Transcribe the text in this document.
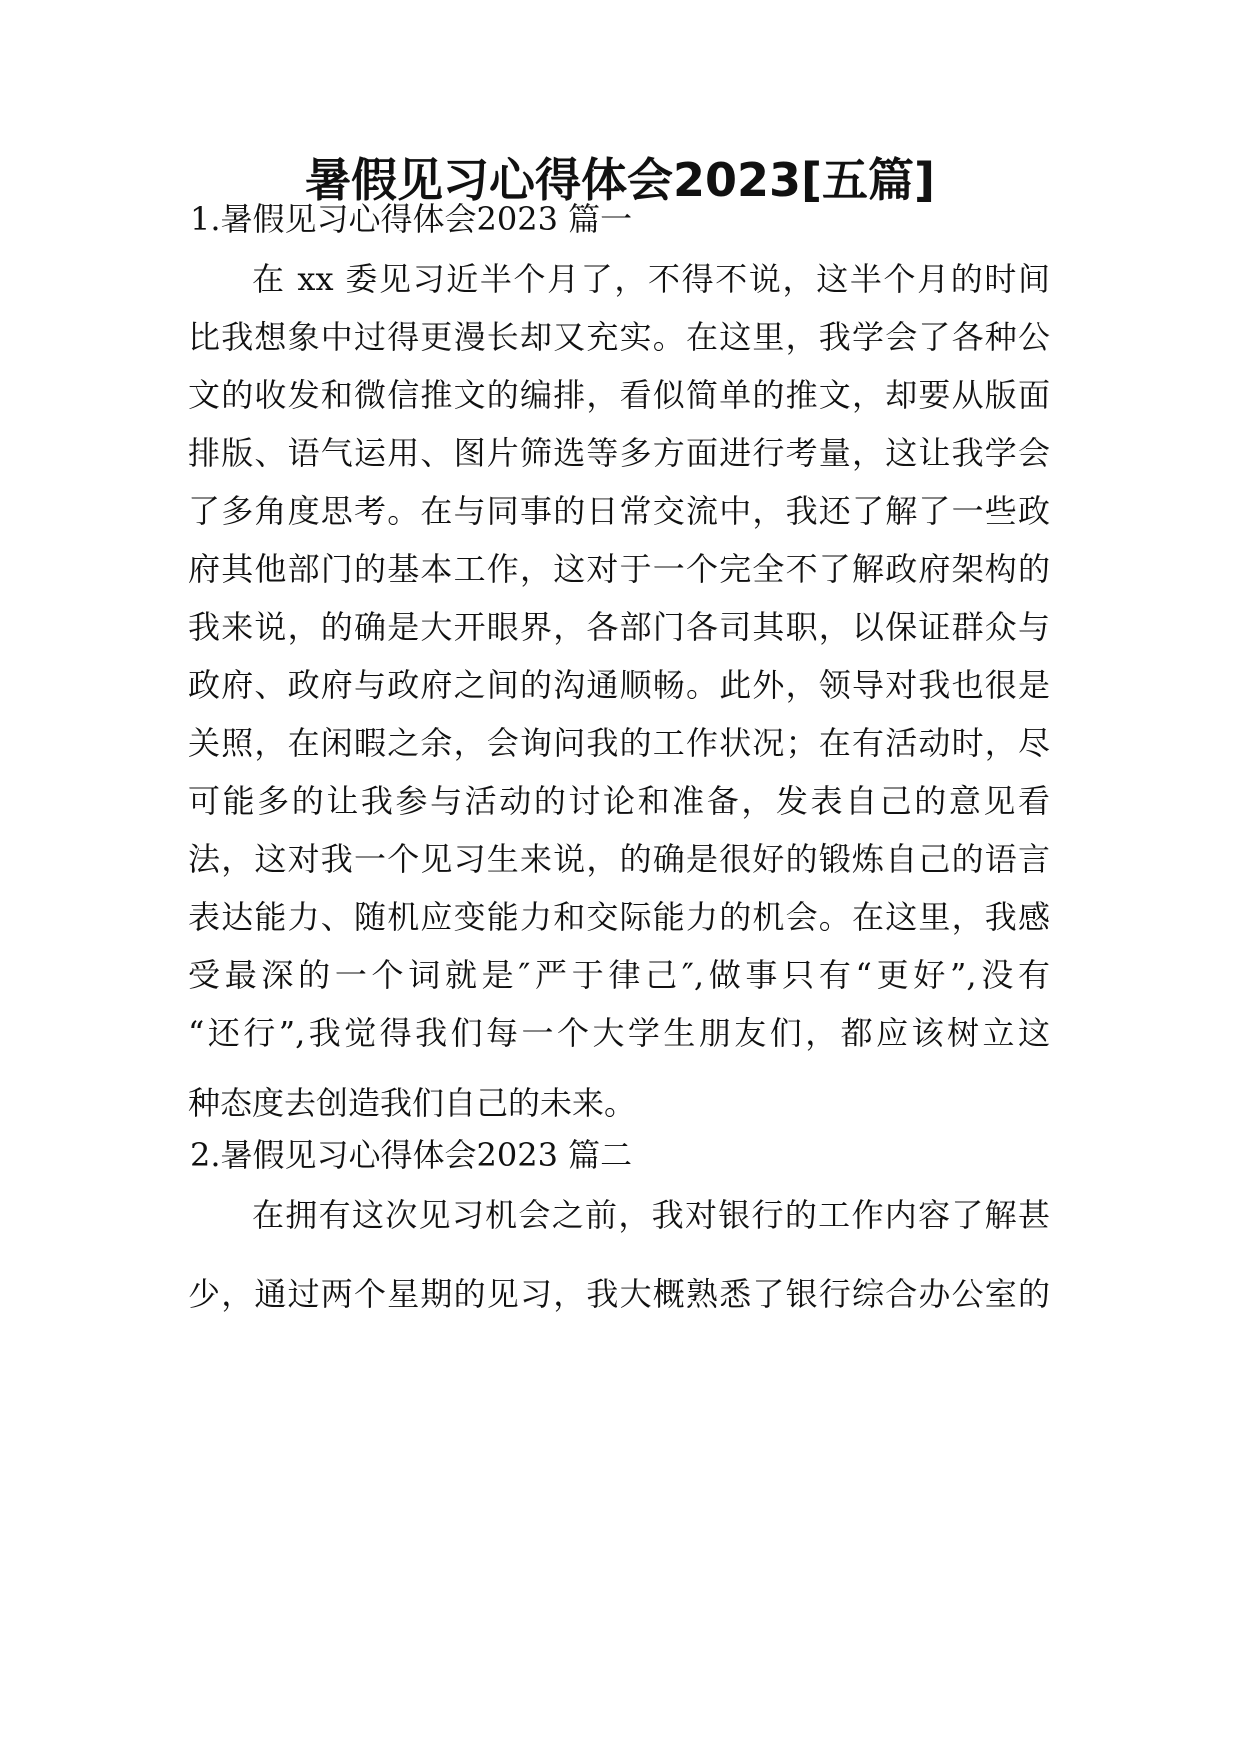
暑假见习心得体会2023[五篇]
1.暑假见习心得体会2023 篇一
在 xx 委见习近半个月了，不得不说，这半个月的时间
比我想象中过得更漫长却又充实。在这里，我学会了各种公
文的收发和微信推文的编排，看似简单的推文，却要从版面
排版、语气运用、图片筛选等多方面进行考量，这让我学会
了多角度思考。在与同事的日常交流中，我还了解了一些政
府其他部门的基本工作，这对于一个完全不了解政府架构的
我来说，的确是大开眼界，各部门各司其职，以保证群众与
政府、政府与政府之间的沟通顺畅。此外，领导对我也很是
关照，在闲暇之余，会询问我的工作状况；在有活动时，尽
可能多的让我参与活动的讨论和准备，发表自己的意见看
法，这对我一个见习生来说，的确是很好的锻炼自己的语言
表达能力、随机应变能力和交际能力的机会。在这里，我感
受最深的一个词就是″严于律己″,做事只有“更好”,没有
“还行”,我觉得我们每一个大学生朋友们，都应该树立这
种态度去创造我们自己的未来。
2.暑假见习心得体会2023 篇二
在拥有这次见习机会之前，我对银行的工作内容了解甚
少，通过两个星期的见习，我大概熟悉了银行综合办公室的
